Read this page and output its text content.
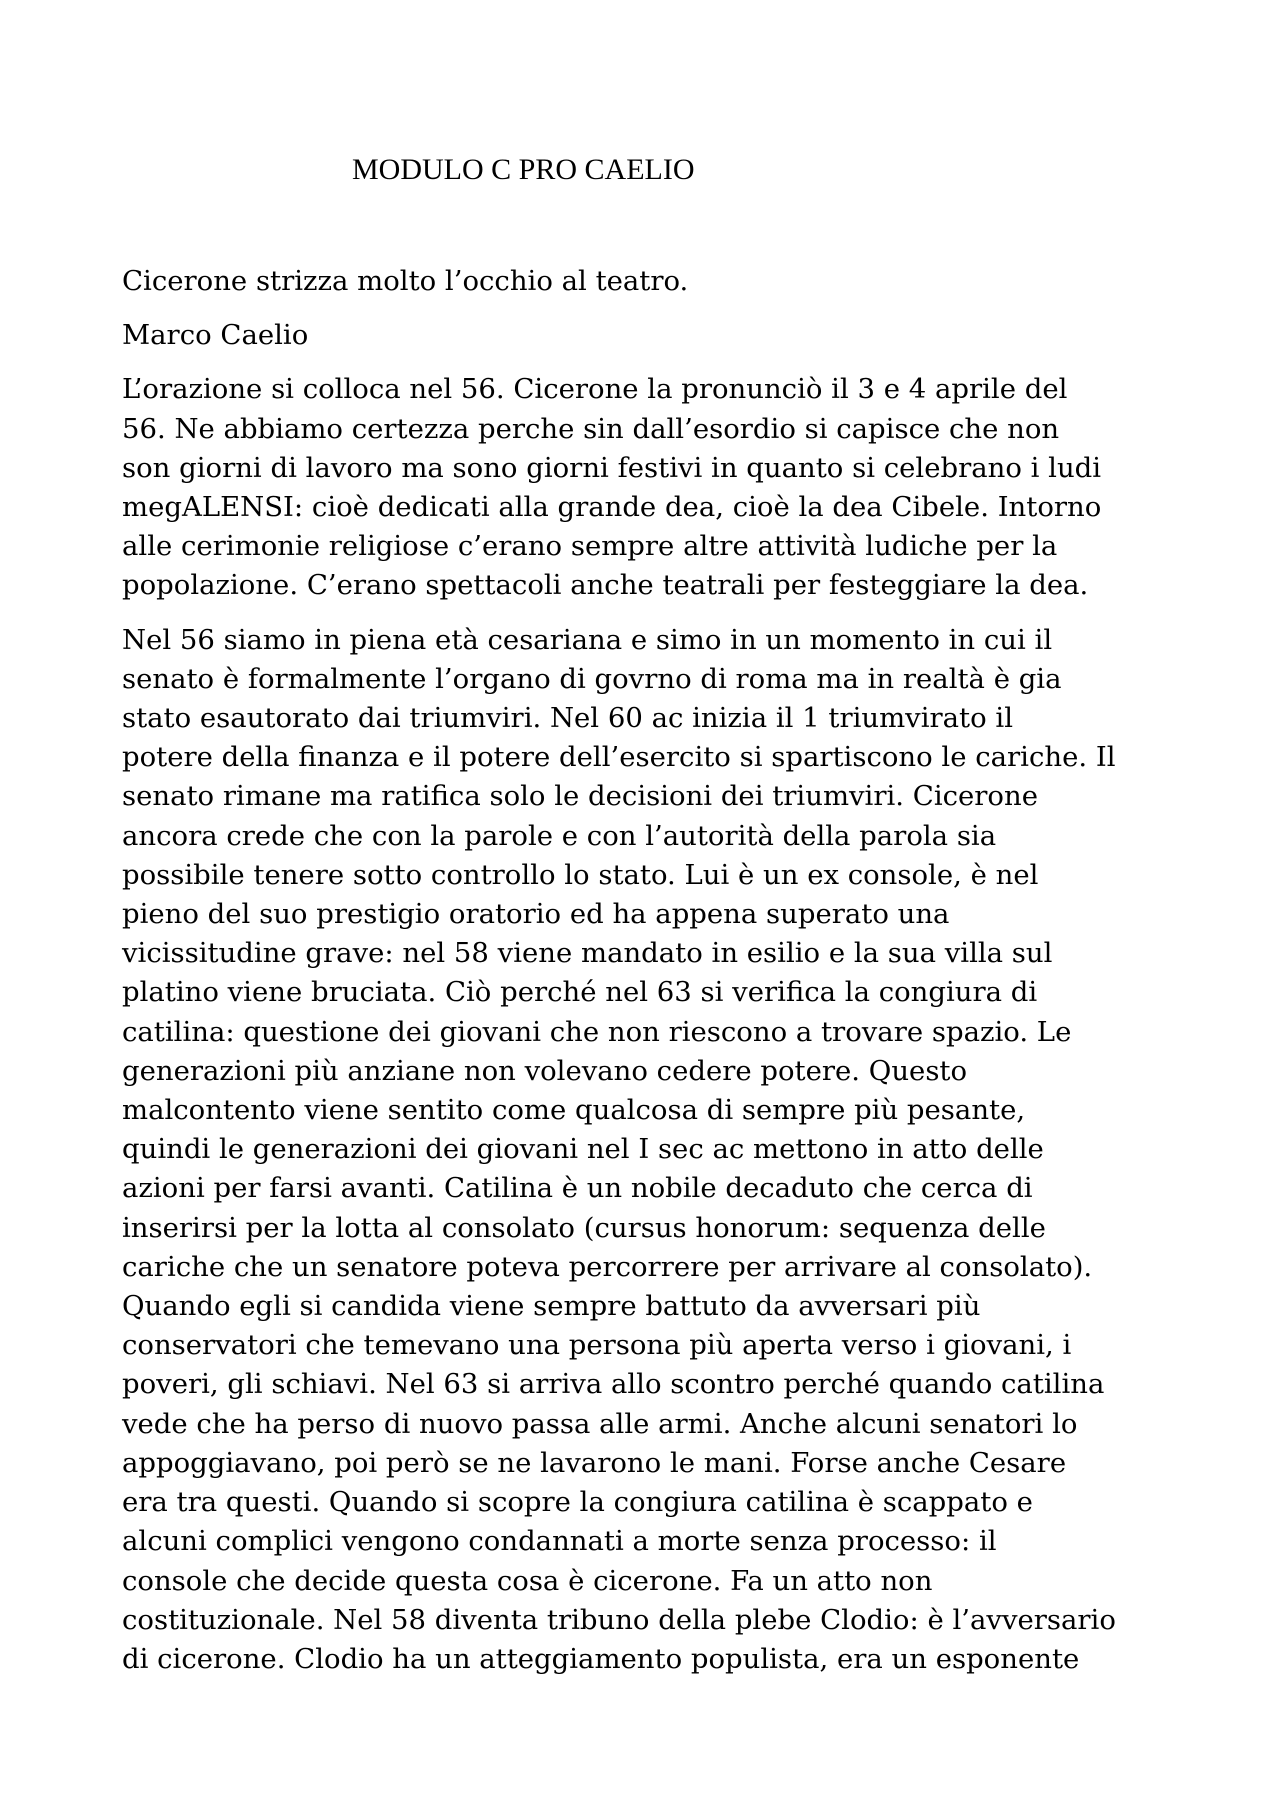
MODULO C PRO CAELIO

Cicerone strizza molto l’occhio al teatro.

Marco Caelio

L’orazione si colloca nel 56. Cicerone la pronunciò il 3 e 4 aprile del
56. Ne abbiamo certezza perche sin dall’esordio si capisce che non
son giorni di lavoro ma sono giorni festivi in quanto si celebrano i ludi
megALENSI: cioè dedicati alla grande dea, cioè la dea Cibele. Intorno
alle cerimonie religiose c’erano sempre altre attività ludiche per la
popolazione. C’erano spettacoli anche teatrali per festeggiare la dea.

Nel 56 siamo in piena età cesariana e simo in un momento in cui il
senato è formalmente l’organo di govrno di roma ma in realtà è gia
stato esautorato dai triumviri. Nel 60 ac inizia il 1 triumvirato il
potere della finanza e il potere dell’esercito si spartiscono le cariche. Il
senato rimane ma ratifica solo le decisioni dei triumviri. Cicerone
ancora crede che con la parole e con l’autorità della parola sia
possibile tenere sotto controllo lo stato. Lui è un ex console, è nel
pieno del suo prestigio oratorio ed ha appena superato una
vicissitudine grave: nel 58 viene mandato in esilio e la sua villa sul
platino viene bruciata. Ciò perché nel 63 si verifica la congiura di
catilina: questione dei giovani che non riescono a trovare spazio. Le
generazioni più anziane non volevano cedere potere. Questo
malcontento viene sentito come qualcosa di sempre più pesante,
quindi le generazioni dei giovani nel I sec ac mettono in atto delle
azioni per farsi avanti. Catilina è un nobile decaduto che cerca di
inserirsi per la lotta al consolato (cursus honorum: sequenza delle
cariche che un senatore poteva percorrere per arrivare al consolato).
Quando egli si candida viene sempre battuto da avversari più
conservatori che temevano una persona più aperta verso i giovani, i
poveri, gli schiavi. Nel 63 si arriva allo scontro perché quando catilina
vede che ha perso di nuovo passa alle armi. Anche alcuni senatori lo
appoggiavano, poi però se ne lavarono le mani. Forse anche Cesare
era tra questi. Quando si scopre la congiura catilina è scappato e
alcuni complici vengono condannati a morte senza processo: il
console che decide questa cosa è cicerone. Fa un atto non
costituzionale. Nel 58 diventa tribuno della plebe Clodio: è l’avversario
di cicerone. Clodio ha un atteggiamento populista, era un esponente
